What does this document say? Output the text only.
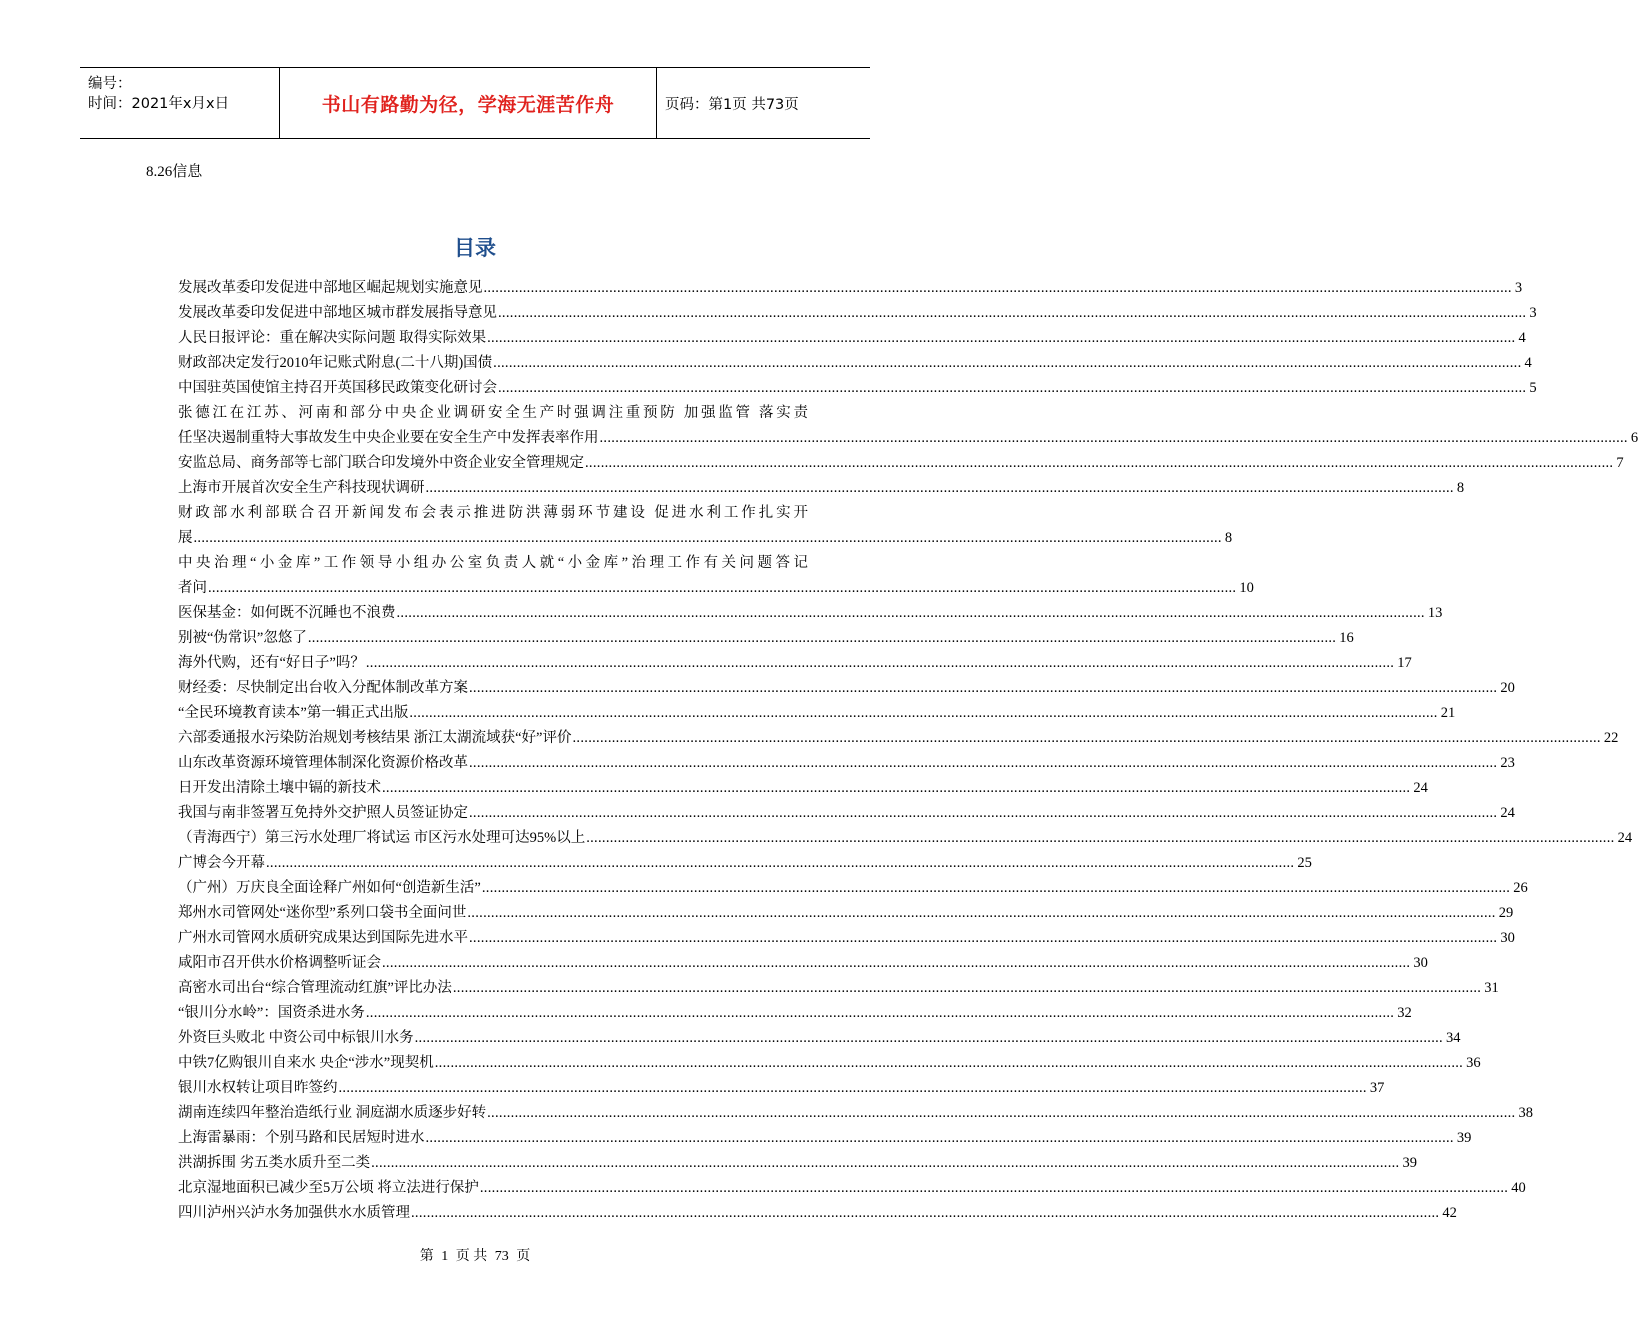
编号：
时间：2021年x月x日	书山有路勤为径，学海无涯苦作舟	页码：第1页 共73页
8.26信息
目录
发展改革委印发促进中部地区崛起规划实施意见 .....	3
发展改革委印发促进中部地区城市群发展指导意见 .....	3
人民日报评论：重在解决实际问题 取得实际效果 .....	4
财政部决定发行2010年记账式附息(二十八期)国债 .....	4
中国驻英国使馆主持召开英国移民政策变化研讨会 .....	5
张德江在江苏、河南和部分中央企业调研安全生产时强调注重预防 加强监管 落实责
任坚决遏制重特大事故发生中央企业要在安全生产中发挥表率作用 .....	6
安监总局、商务部等七部门联合印发境外中资企业安全管理规定 .....	7
上海市开展首次安全生产科技现状调研 .....	8
财政部水利部联合召开新闻发布会表示推进防洪薄弱环节建设 促进水利工作扎实开
展 .....	8
中央治理“小金库”工作领导小组办公室负责人就“小金库”治理工作有关问题答记
者问 .....	10
医保基金：如何既不沉睡也不浪费 .....	13
别被“伪常识”忽悠了 .....	16
海外代购，还有“好日子”吗？ .....	17
财经委：尽快制定出台收入分配体制改革方案 .....	20
“全民环境教育读本”第一辑正式出版 .....	21
六部委通报水污染防治规划考核结果 浙江太湖流域获“好”评价 .....	22
山东改革资源环境管理体制深化资源价格改革 .....	23
日开发出清除土壤中镉的新技术 .....	24
我国与南非签署互免持外交护照人员签证协定 .....	24
（青海西宁）第三污水处理厂将试运 市区污水处理可达95%以上 .....	24
广博会今开幕 .....	25
（广州）万庆良全面诠释广州如何“创造新生活” .....	26
郑州水司管网处“迷你型”系列口袋书全面问世 .....	29
广州水司管网水质研究成果达到国际先进水平 .....	30
咸阳市召开供水价格调整听证会 .....	30
高密水司出台“综合管理流动红旗”评比办法 .....	31
“银川分水岭”：国资杀进水务 .....	32
外资巨头败北 中资公司中标银川水务 .....	34
中铁7亿购银川自来水 央企“涉水”现契机 .....	36
银川水权转让项目昨签约 .....	37
湖南连续四年整治造纸行业 洞庭湖水质逐步好转 .....	38
上海雷暴雨：个别马路和民居短时进水 .....	39
洪湖拆围 劣五类水质升至二类 .....	39
北京湿地面积已减少至5万公顷 将立法进行保护 .....	40
四川泸州兴泸水务加强供水水质管理 .....	42
第 1 页 共 73 页
